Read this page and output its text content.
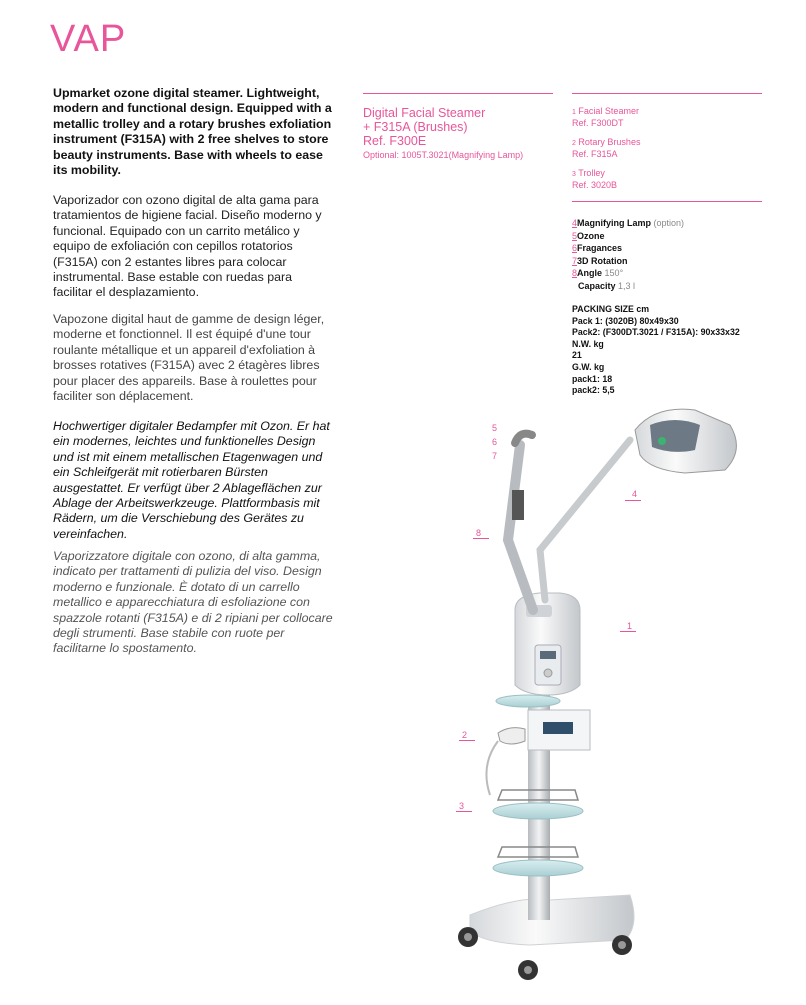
VAP
Upmarket ozone digital steamer. Lightweight, modern and functional design. Equipped with a metallic trolley and a rotary brushes exfoliation instrument (F315A) with 2 free shelves to store beauty instruments. Base with wheels to ease its mobility.
Vaporizador con ozono digital de alta gama para tratamientos de higiene facial. Diseño moderno y funcional. Equipado con un carrito metálico y equipo de exfoliación con cepillos rotatorios (F315A) con 2 estantes libres para colocar instrumental. Base estable con ruedas para facilitar el desplazamiento.
Vapozone digital haut de gamme de design léger, moderne et fonctionnel. Il est équipé d'une tour roulante métallique et un appareil d'exfoliation à brosses rotatives (F315A) avec 2 étagères libres pour placer des appareils. Base à roulettes pour faciliter son déplacement.
Hochwertiger digitaler Bedampfer mit Ozon. Er hat ein modernes, leichtes und funktionelles Design und ist mit einem metallischen Etagenwagen und ein Schleifgerät mit rotierbaren Bürsten ausgestattet. Er verfügt über 2 Ablageflächen zur Ablage der Arbeitswerkzeuge. Plattformbasis mit Rädern, um die Verschiebung des Gerätes zu vereinfachen.
Vaporizzatore digitale con ozono, di alta gamma, indicato per trattamenti di pulizia del viso. Design moderno e funzionale. È dotato di un carrello metallico e apparecchiatura di esfoliazione con spazzole rotanti (F315A) e di 2 ripiani per collocare degli strumenti. Base stabile con ruote per facilitarne lo spostamento.
Digital Facial Steamer
+ F315A (Brushes)
Ref. F300E
Optional: 1005T.3021(Magnifying Lamp)
1 Facial Steamer
Ref. F300DT
2 Rotary Brushes
Ref. F315A
3 Trolley
Ref. 3020B
4Magnifying Lamp (option)
5Ozone
6Fragances
73D Rotation
8Angle 150°
Capacity 1,3 l
PACKING SIZE cm
Pack 1: (3020B) 80x49x30
Pack2: (F300DT.3021 / F315A): 90x33x32
N.W. kg
21
G.W. kg
pack1: 18
pack2: 5,5
5
6
7
4
8
1
2
3
